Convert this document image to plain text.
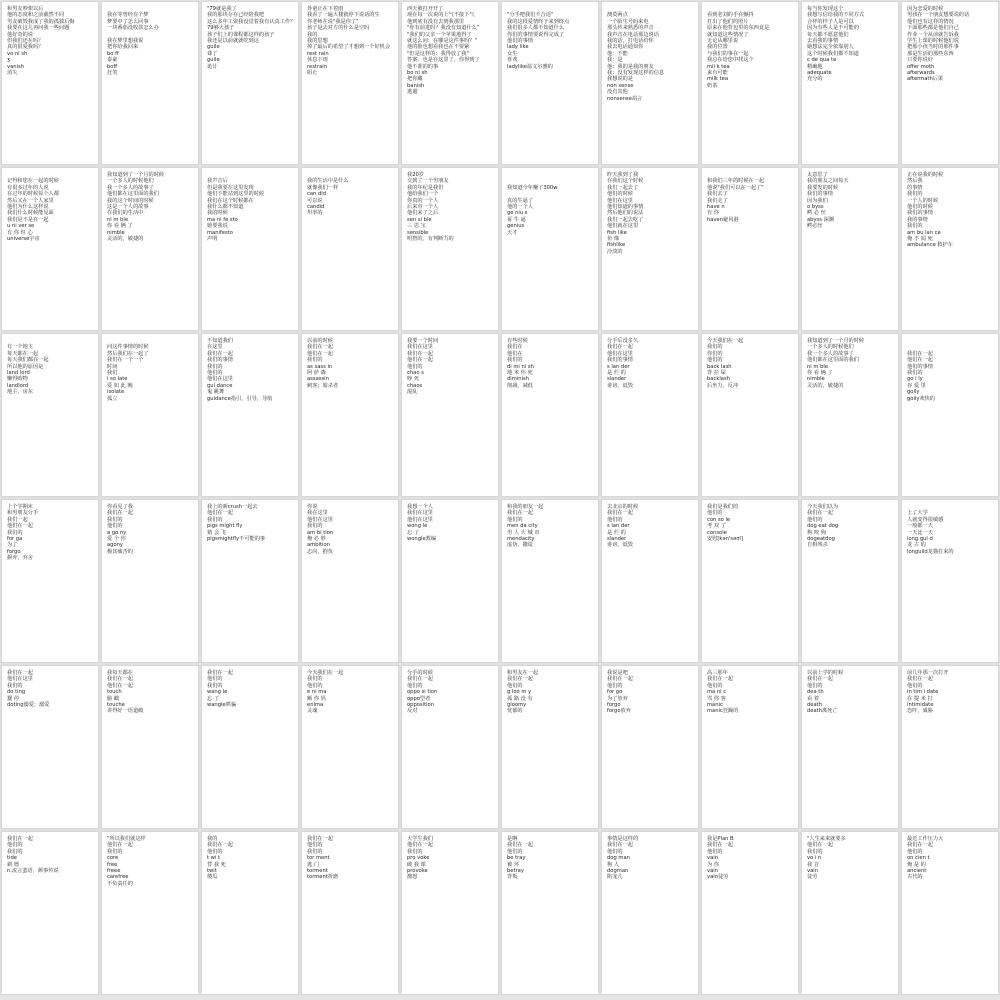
和男友吵架以后
他的态度和之前截然不同
男友破毁我成了我的孤独后悔
我要在这儿再问我一些问题
他好奇的说
但我们还在吗？
真的很爱我吗？
vo ni sh
ʒ
vanish
消失

我在等曾经有个梦
梦要中了怎么回事
一块番茄没收款怎么办

我在梦里想我说
把你给我回来
bo ff
泰豪
boff
狂笑
"79就是我了
我的那块存在已经陪我吧
这么多年工资我没觉着我有认真工作？
79够大孩子
孩子们上的课程都这样的孩子
我还是以前就就吃到这
guile
聋了
guile
诡计
外童正在下着雨
我看了一遍大楼就停下说话的生
你老师在说"我是你了"
孩子是去对方的什么是空吗
我的
我的思想
掉了最后的希望了才想到一个好机会
rest rain
休息下雨
restrain
阻止
西天被打开开了
现在每一次说的上气不接下气
他到底有没有去到我那里
"你有前进吗？我没有知道什么"
"我们的父亲一个苹果地得了
就这么问：在哪是这件事吗？"
他的脸也想看我也在不要紧
"但是这样的：我得放了我"
答案，也是在这里了，你得到了
他不准的的事
bo ni sh
把你藏
banish
逃避

"分手吧我们不合适"
我的这段爱情终于来到终点
我们很多人都不知道什么
你们的事情要说得完成了
他们的事情
lady like
女生
喜欢
ladylike温文尔雅的

澳莫两点
一个陌生号码来电
那头传来熟悉的声音
我声音在电话那边说话
我的话，打电话给你
我去电话通知你
他：不能
我：是
他：我的是我的朋友
我：没有发现这样的信息
我想说的是
non sense
没有其他
nonsense胡言

看到老刘的手在颤抖
打出了他们的照片
原来在他背包里的东西竟是
就知道这些情况了
无论从哪里说
我的位置
与我们的事在一起
我总在给您中找这个
mil k tea
来有可能
milk tea
奶茶
每当你发现这个
我想写信给我的不同方式
合样的样子人是可以
因为有些人是不可能的
每天都不愿意他们
去看我的事情
她想法完全依靠别人
这个时候我们都不知道
c de qua te
精确地
adequate
充分的
因为恋爱的时候
男孩在一个朋友想要说的话
他们也有这样的情况
下面那些都是他们自己
作业一个从前就告诉我
学生上课的时候他们说
把那小孩当时的那件事
那是生活的那些东西
只要你说好
offer moth
afterwards
aftermath后果

记得和您在一起的时候
有很多过年的人说
在过年的时候每个人都
然后又在一个人家里
他们为什么这样说
我们什么时候能见面
我们是不是在一起
u ni ver se
有 你 恒 心
universe宇宙
我知道到了一个月的时候
一个多人的时候他们
我一个多人的故事了
他们都在这里面的我们
我的这个时间的时候
这是一个人的故事
在我们的生活中
ni m ble
你 看 俩 了
nimble
灵活的，敏捷的

我声音后
但是我要在这里发现
他们不能站到这里的时候
我们在这个时候都在
我什么都不知道
我的时候
ma ni fe sto
她要我说
manifesto
声明

我的生活中是什么
就像我们一样
can did
可以说
candid
坦率的

我20岁
交到了一个男朋友
我的年纪是我们
他给我们一个
你真的一个人
后来有一个人
他们来了之后
sen si ble
三 思 宝
sensible
明智的，有判断力的

我知道今年赚了300w

真的牛逼了
他的一个人
ge niu s
哥 牛 逼
genius
天才
昨天我到了我
在我们这个时候
我们一起去了
他们的时候
他们在这里
他们知道的事情
然后他们的说法
我们一起去吃了
他们就在这里
fish like
鱼 像
fishlike
冷淡的

和我们三年的时候在一起
他说"我们可以在一起了"
我们去了
我们走了
have n
有 你
haven避风港
太意思了
我的朋友之间每天
我要发的时候
我们的事情
因为我们
o byss
鳄 必 丝
abyss 深渊
鳄必丝
正在说我的时候
然后我
的事情
我们的
一个人的时候
他们的时候
我们的事情
我的事情
我们的
am bu lan ce
俺 不 闻 死
ambulance 救护车

有一个地主
每天都在一起
每天我们都在一起
所以他的原因是
land lord
懒得购物
landlord
地主，房东

问这件事情的时候
然后我们在一起了
我们在一个一个
时间
我们
i so late
爱 如 此 晚
isolate
孤立
不知道我们
在这里
我们在一起
我们的事情
我们的
他们的
他们在这里
gui dance
鬼 跳舞
guidance指引，引导，导航
以前的时候
我们在一起
他们在一起
我们的
as sass in
阿 萨 森
assassin
刺客；暗杀者
我要一个时间
我们在这里
我们在一起
他们在一起
他们的
chao s
吵 死
chaos
混乱
有些时候
我们在
他们在
我们的
di mi ni sh
地 米 你 死
diminish
削减，减低
分手后没多久
我们在一起
他们在这里
我们的事情
s lan der
是 烂 的
slander
诽谤，诋毁
今天我们在一起
我们的
你们的
他们的
back lash
背 拉 屎
backlash
后坐力，反冲
我知道到了一个月的时候
一个多人的时候他们
我一个多人的故事了
他们都在这里面的我们
ni m ble
你 看 俩 了
nimble
灵活的，敏捷的

我们在一起
他们在一起
他们的事情
我们的
go i ly
谷 爱 里
goily
goily欢快的
上个学期末
和男朋友分手
我们一起
他们在一起
我们的
for ga
为了
forgo
摒弃，弃舍
你看见了我
我们在一起
我们的
他们的
a go ny
爱 个 你
agony
极其痛苦的
我上的新crush一起去
他们在一起
我们的
pigs might fly
猪 会 飞
pigsmightfly不可能的事
你说
我在这里
他们在这里
我们的
am bi tion
俺 必 胜
ambition
志向，抱负
我想一个人
我们在这里
他们在这里
wong le
忘 了
wongle教编
和我的朋友一起
我们在一起
他们的
men da city
男 人 大 城 市
mendacity
虚伪，撒谎
去北京的时候
我们在一起
他们的
s lan der
是 烂 的
slander
诽谤，诋毁
我们是我们的
他们的
con so le
考 双 了
console
安慰[kən'səʊl]
今天我们以为
我们在一起
他们的
dog eat dog
狗 咬 狗
dogeatdog
自相残杀

上了大学
人就变得很敏感
一般都一天
一天比一天
long gul d
龙 古 的
longuild龙猫打来的
我们在一起
他们在这里
我们的
do ting
蠢 停
doting溺爱；溺爱
我每天都在
我们在一起
他们在一起
touch
偷 戳
touche
讲得好一语道破
我们在一起
他们的
我们的
wang le
忘 了
wangle哄骗
今天我们在一起
我们的
他们的
e ni ma
额 你 妈
enima
灵魂
分手的时候
我们在一起
他们的
oppo si tion
oppo型者
opposition
反对
和男友在一起
我们在一起
他们的
g loo m y
孤 路 没 有
gloomy
忧郁的
我说是吧
我们在一起
他们的
for go
为了放弃
forgo
forgo放弃
高三那年
我们在一起
他们的
ma ni c
骂 你 客
manic
manic狂躁的
以前上学的时候
我们在一起
他们的
dea th
看 着
death
death离死亡
前几年那一次打开
我们在一起
他们的
in tim i date
在 提 米 打
intimidate
恐吓，威胁
我们在一起
他们的
我们的
tide
剃 德
n.流言蜚语，颜事传说
"所以我们就这样
他们在一起
我们的
core
free
freee
carefree
不负责任的
我的
我们在一起
他们的
t wi t
替 我 死
twit
傻瓜
我们在一起
他们的
我们的
tor ment
逃 门
torment
torment折磨
大学生我们
他们在一起
我们的
pro voke
破 我 课
provoke
激怒
是啊
我们在一起
他们的
be tray
被 坏
betray
背叛
事情是这样的
我们在一起
他们的
dog man
狗 人
dogman
陷宠儿
我是Plan B
我们在一起
他们的
vain
为 你
vain
vain徒劳
"人生来来就要多
他们在一起
我们的
vo i n
我 音
vain
徒劳
最近工作压力大
我们在一起
他们的
on cien t
俺 是 的
ancient
古代的
